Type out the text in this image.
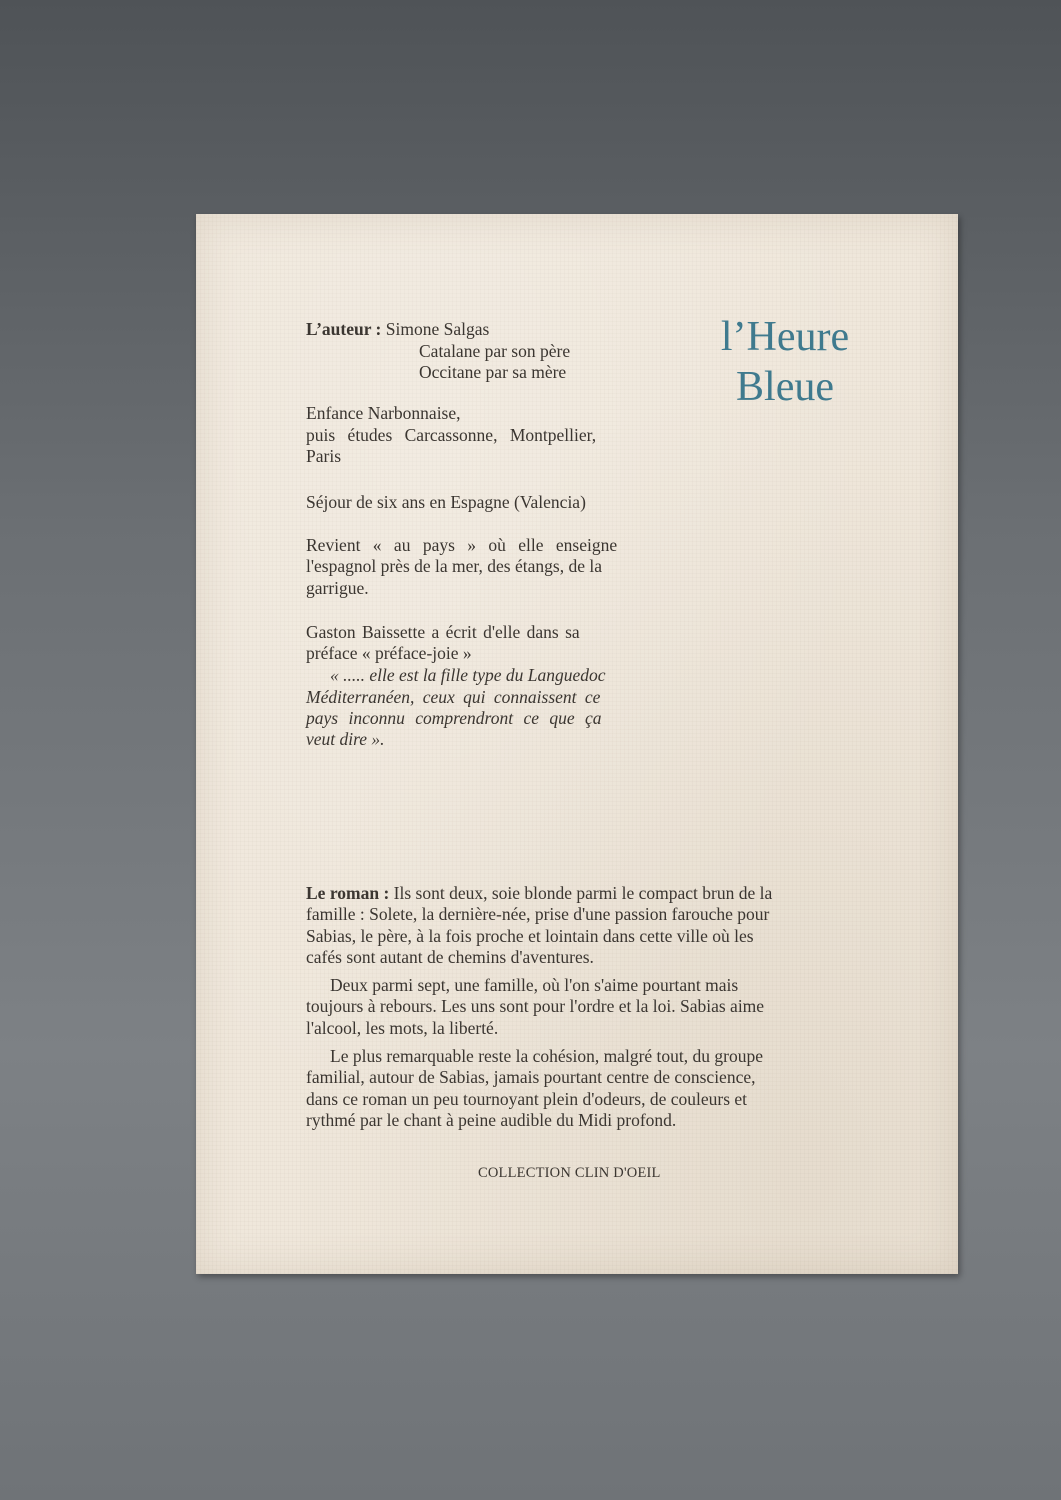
l’Heure
Bleue
L’auteur : Simone Salgas
Catalane par son père
Occitane par sa mère
Enfance Narbonnaise,
puis études Carcassonne, Montpellier,
Paris
Séjour de six ans en Espagne (Valencia)
Revient « au pays » où elle enseigne
l'espagnol près de la mer, des étangs, de la
garrigue.
Gaston Baissette a écrit d'elle dans sa
préface « préface-joie »
« ..... elle est la fille type du Languedoc
Méditerranéen, ceux qui connaissent ce
pays inconnu comprendront ce que ça
veut dire ».
Le roman : Ils sont deux, soie blonde parmi le compact brun de la
famille : Solete, la dernière-née, prise d'une passion farouche pour
Sabias, le père, à la fois proche et lointain dans cette ville où les
cafés sont autant de chemins d'aventures.
Deux parmi sept, une famille, où l'on s'aime pourtant mais
toujours à rebours. Les uns sont pour l'ordre et la loi. Sabias aime
l'alcool, les mots, la liberté.
Le plus remarquable reste la cohésion, malgré tout, du groupe
familial, autour de Sabias, jamais pourtant centre de conscience,
dans ce roman un peu tournoyant plein d'odeurs, de couleurs et
rythmé par le chant à peine audible du Midi profond.
COLLECTION CLIN D'OEIL
